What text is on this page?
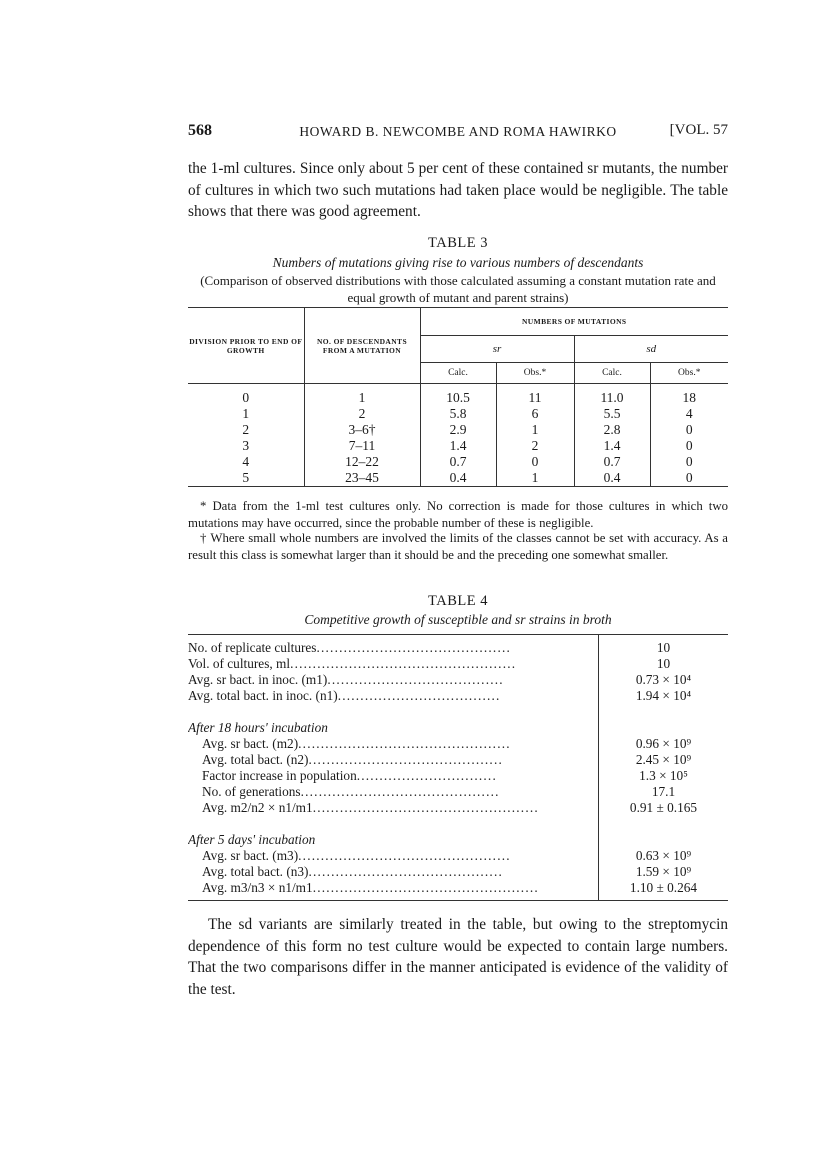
568	HOWARD B. NEWCOMBE AND ROMA HAWIRKO	[VOL. 57
the 1-ml cultures. Since only about 5 per cent of these contained sr mutants, the number of cultures in which two such mutations had taken place would be negligible. The table shows that there was good agreement.
TABLE 3
Numbers of mutations giving rise to various numbers of descendants
(Comparison of observed distributions with those calculated assuming a constant mutation rate and equal growth of mutant and parent strains)
DIVISION PRIOR TO END OF GROWTH	NO. OF DESCENDANTS FROM A MUTATION	NUMBERS OF MUTATIONS			
		sr		sd	
		Calc.	Obs.*	Calc.	Obs.*
0	1	10.5	11	11.0	18
1	2	5.8	6	5.5	4
2	3–6†	2.9	1	2.8	0
3	7–11	1.4	2	1.4	0
4	12–22	0.7	0	0.7	0
5	23–45	0.4	1	0.4	0
* Data from the 1-ml test cultures only. No correction is made for those cultures in which two mutations may have occurred, since the probable number of these is negligible.
† Where small whole numbers are involved the limits of the classes cannot be set with accuracy. As a result this class is somewhat larger than it should be and the preceding one somewhat smaller.
TABLE 4
Competitive growth of susceptible and sr strains in broth
No. of replicate cultures...........................................	10
Vol. of cultures, ml..................................................	10
Avg. sr bact. in inoc. (m1).......................................	0.73 × 10⁴
Avg. total bact. in inoc. (n1)....................................	1.94 × 10⁴

After 18 hours' incubation	
Avg. sr bact. (m2)...............................................	0.96 × 10⁹
Avg. total bact. (n2)...........................................	2.45 × 10⁹
Factor increase in population...............................	1.3 × 10⁵
No. of generations............................................	17.1
Avg. m2/n2 × n1/m1..................................................	0.91 ± 0.165

After 5 days' incubation	
Avg. sr bact. (m3)...............................................	0.63 × 10⁹
Avg. total bact. (n3)...........................................	1.59 × 10⁹
Avg. m3/n3 × n1/m1..................................................	1.10 ± 0.264
The sd variants are similarly treated in the table, but owing to the streptomycin dependence of this form no test culture would be expected to contain large numbers. That the two comparisons differ in the manner anticipated is evidence of the validity of the test.
